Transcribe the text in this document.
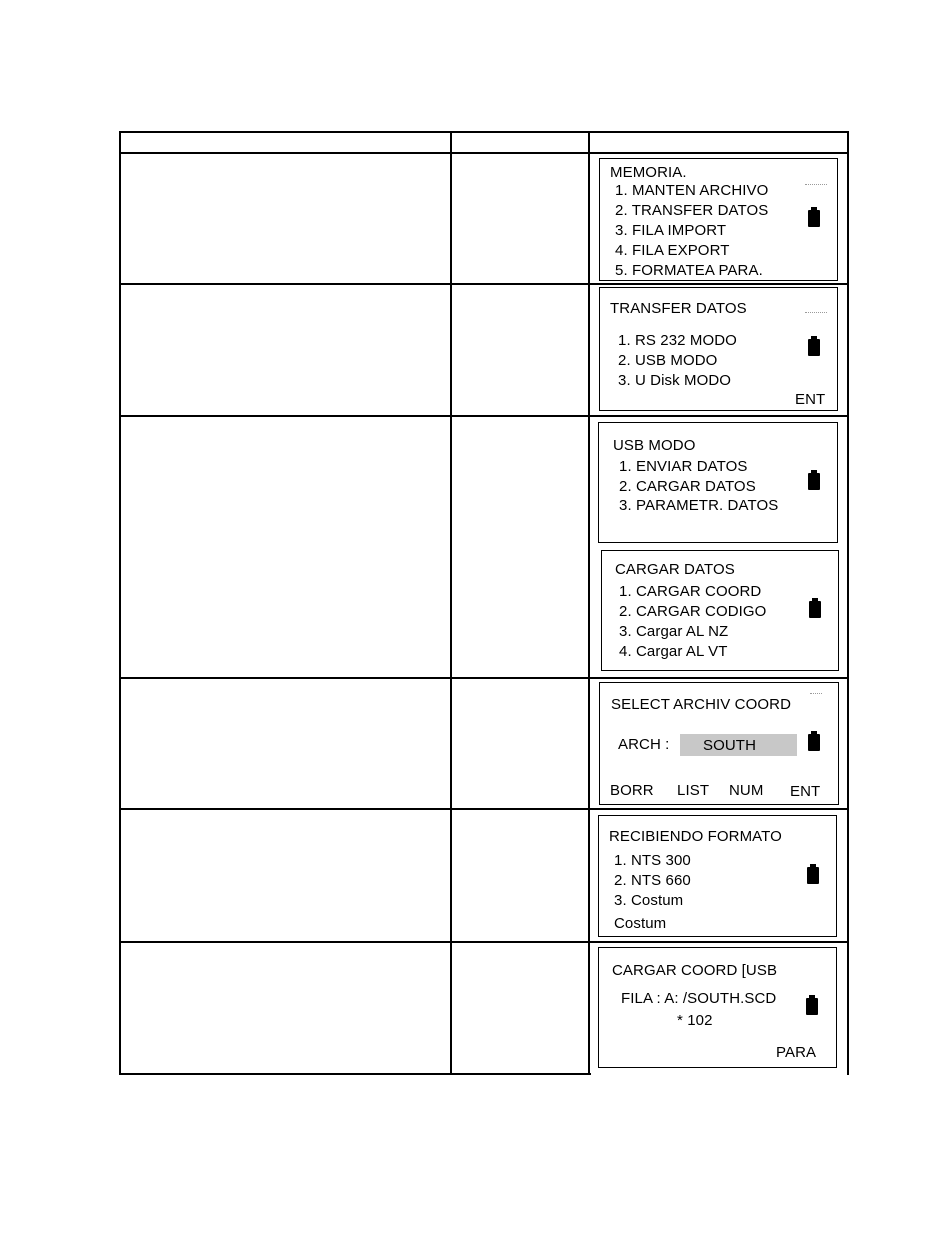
MEMORIA.
1. MANTEN ARCHIVO
2. TRANSFER DATOS
3. FILA IMPORT
4. FILA EXPORT
5. FORMATEA PARA.
TRANSFER DATOS
1. RS 232 MODO
2. USB MODO
3. U Disk MODO
ENT
USB MODO
1. ENVIAR DATOS
2. CARGAR DATOS
3. PARAMETR. DATOS
CARGAR DATOS
1. CARGAR COORD
2. CARGAR CODIGO
3. Cargar AL NZ
4. Cargar AL VT
SELECT ARCHIV COORD
ARCH : SOUTH
BORR LIST NUM ENT
RECIBIENDO FORMATO
1. NTS 300
2. NTS 660
3. Costum
Costum
CARGAR COORD [USB
FILA : A: /SOUTH.SCD
* 102
PARA
